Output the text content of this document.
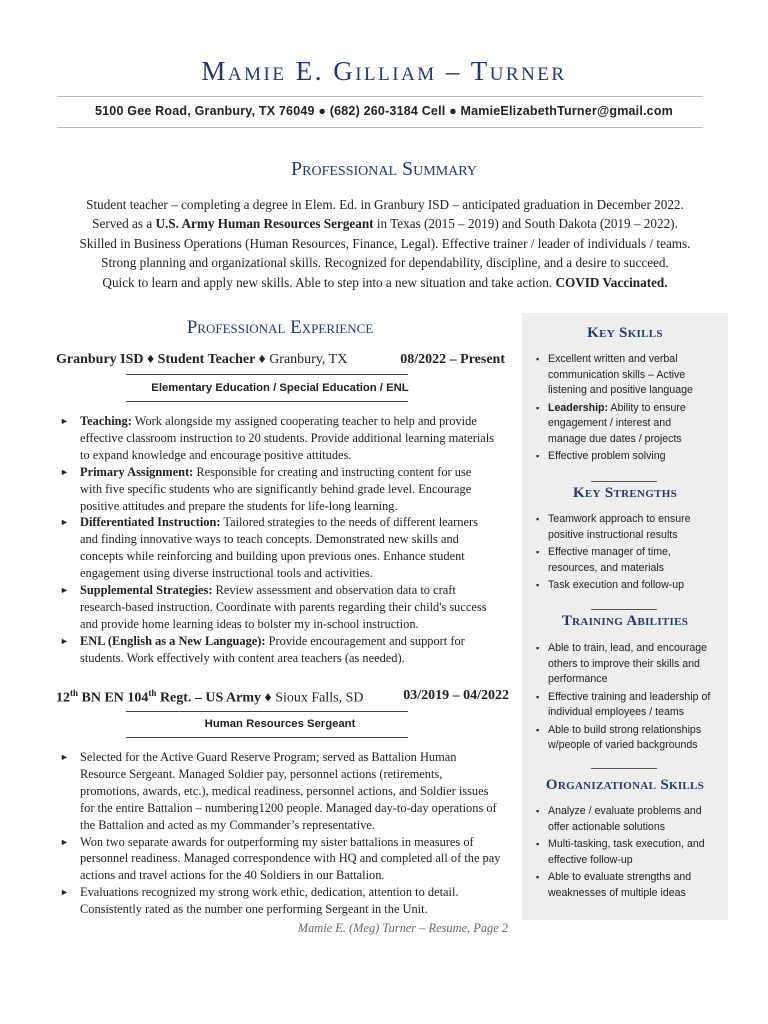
Mamie E. Gilliam – Turner
5100 Gee Road, Granbury, TX 76049 ● (682) 260-3184 Cell ● MamieElizabethTurner@gmail.com
Professional Summary
Student teacher – completing a degree in Elem. Ed. in Granbury ISD – anticipated graduation in December 2022.
Served as a U.S. Army Human Resources Sergeant in Texas (2015 – 2019) and South Dakota (2019 – 2022).
Skilled in Business Operations (Human Resources, Finance, Legal). Effective trainer / leader of individuals / teams.
Strong planning and organizational skills. Recognized for dependability, discipline, and a desire to succeed.
Quick to learn and apply new skills. Able to step into a new situation and take action. COVID Vaccinated.
Professional Experience
Granbury ISD ♦ Student Teacher ♦ Granbury, TX	08/2022 – Present
Elementary Education / Special Education / ENL
► Teaching: Work alongside my assigned cooperating teacher to help and provide effective classroom instruction to 20 students. Provide additional learning materials to expand knowledge and encourage positive attitudes.
► Primary Assignment: Responsible for creating and instructing content for use with five specific students who are significantly behind grade level. Encourage positive attitudes and prepare the students for life-long learning.
► Differentiated Instruction: Tailored strategies to the needs of different learners and finding innovative ways to teach concepts. Demonstrated new skills and concepts while reinforcing and building upon previous ones. Enhance student engagement using diverse instructional tools and activities.
► Supplemental Strategies: Review assessment and observation data to craft research-based instruction. Coordinate with parents regarding their child's success and provide home learning ideas to bolster my in-school instruction.
► ENL (English as a New Language): Provide encouragement and support for students. Work effectively with content area teachers (as needed).
12th BN EN 104th Regt. – US Army ♦ Sioux Falls, SD	03/2019 – 04/2022
Human Resources Sergeant
► Selected for the Active Guard Reserve Program; served as Battalion Human Resource Sergeant. Managed Soldier pay, personnel actions (retirements, promotions, awards, etc.), medical readiness, personnel actions, and Soldier issues for the entire Battalion – numbering1200 people. Managed day-to-day operations of the Battalion and acted as my Commander’s representative.
► Won two separate awards for outperforming my sister battalions in measures of personnel readiness. Managed correspondence with HQ and completed all of the pay actions and travel actions for the 40 Soldiers in our Battalion.
► Evaluations recognized my strong work ethic, dedication, attention to detail. Consistently rated as the number one performing Sergeant in the Unit.
Mamie E. (Meg) Turner – Resume, Page 2
Key Skills
▪ Excellent written and verbal communication skills – Active listening and positive language
▪ Leadership: Ability to ensure engagement / interest and manage due dates / projects
▪ Effective problem solving
Key Strengths
▪ Teamwork approach to ensure positive instructional results
▪ Effective manager of time, resources, and materials
▪ Task execution and follow-up
Training Abilities
▪ Able to train, lead, and encourage others to improve their skills and performance
▪ Effective training and leadership of individual employees / teams
▪ Able to build strong relationships w/people of varied backgrounds
Organizational Skills
▪ Analyze / evaluate problems and offer actionable solutions
▪ Multi-tasking, task execution, and effective follow-up
▪ Able to evaluate strengths and weaknesses of multiple ideas
